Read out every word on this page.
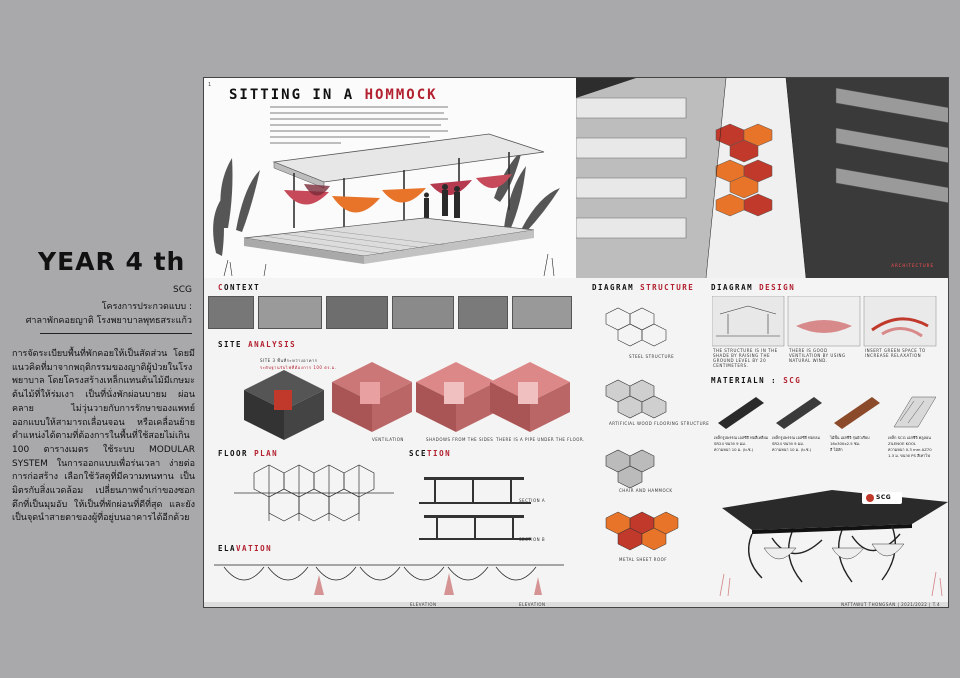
YEAR 4 th
SCG
โครงการประกวดแบบ :
ศาลาพักคอยญาติ โรงพยาบาลพุทธสระแก้ว
การจัดระเบียบพื้นที่พักคอยให้เป็นสัดส่วน โดยมีแนวคิดที่มาจากพฤติกรรมของญาติผู้ป่วยในโรงพยาบาล โดยโครงสร้างเหล็กแทนต้นไม้มีเกษมะต้นไม้ที่ให้ร่มเงา เป็นที่นั่งพักผ่อนบายม ผ่อนคลาย ไม่วุ่นวายกับการรักษาของแพทย์ ออกแบบให้สามารถเลื่อนจอน หรือเคลื่อนย้ายตำแหน่งได้ตามที่ต้องการในพื้นที่ใช้สอยไม่เกิน 100 ตารางเมตร ใช้ระบบ MODULAR SYSTEM ในการออกแบบเพื่อร่นเวลา ง่ายต่อการก่อสร้าง เลือกใช้วัสดุที่มีความทนทาน เป็นมิตรกับสิ่งแวดล้อม เปลี่ยนภาพจำเก่าของซอกตึกที่เป็นมุมอับ ให้เป็นที่พักผ่อนที่ดีที่สุด และยังเป็นจุดนำสายตาของผู้ที่อยู่บนอาคารได้อีกด้วย
1
SITTING IN A HOMMOCK
ARCHITECTURE
CONTEXT
SITE ANALYSIS
SITE 3 พื้นที่ระหว่างอาคาร
ระดับฐานรับไฟที่ต้องการ 100 ตร.ม.
VENTILATION	SHADOWS FROM THE SIDES THERE IS A PIPE UNDER THE FLOOR.
FLOOR PLAN	SCETION
SECTION A
SECTION B
ELAVATION
DIAGRAM STRUCTURE
STEEL STRUCTURE
ARTIFICIAL WOOD FLOORING STRUCTURE
CHAIR AND HAMMOCK
METAL SHEET ROOF
DIAGRAM DESIGN
THE STRUCTURE IS IN THE SHADE BY RAISING THE GROUND LEVEL BY 20 CENTIMETERS.
THERE IS GOOD VENTILATION BY USING NATURAL WIND.
INSERT GREEN SPACE TO INCREASE RELAXATION
MATERIALN : SCG
เหล็กรูปพรรณ เอสซีจี ท่อสี่เหลี่ยม
SR24 ขนาด 9 มม.
ความหนา 10 ม. (พ.ซ.)
เหล็กรูปพรรณ เอสซีจี ท่อกลม
SR24 ขนาด 9 มม.
ความหนา 10 ม. (พ.ซ.)
ไม้พื้น เอสซีจี รุ่นผิวเรียบ
16x300x2.5 ซม.
สี ไม้สัก
เหล็ก SCG เอสซีจี คลูลอน
ZILENOE KOOL
ความหนา 0.3 mm AZ70
1.3 ม. ขนาด PS สีเทาไฟ
SCG
ELEVATION	ELEVATION	NATTAWUT THONGSAN | 2021/2022 | T.4
